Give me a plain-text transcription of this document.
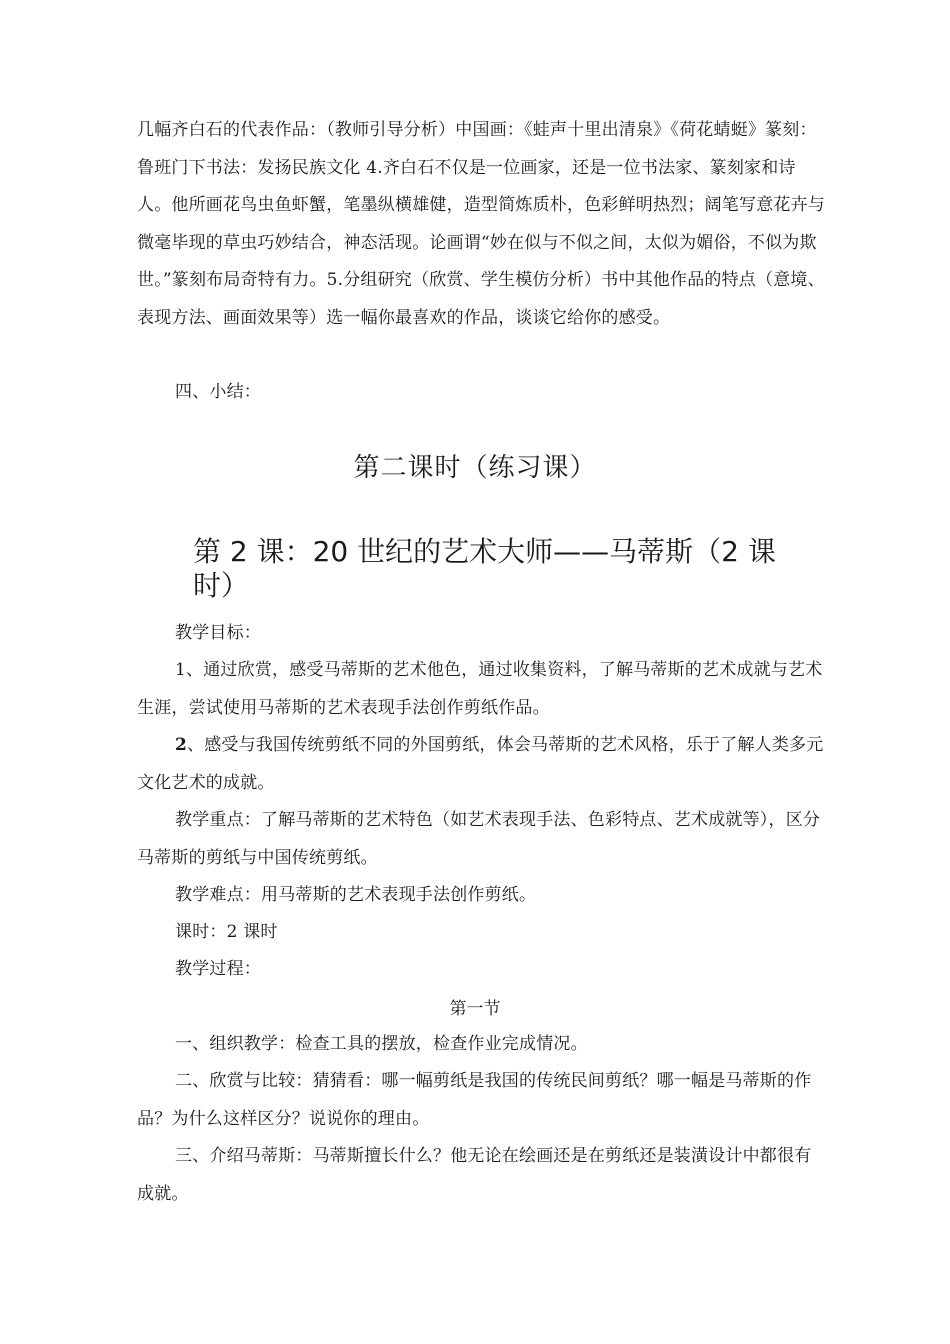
几幅齐白石的代表作品：（教师引导分析）中国画：《蛙声十里出清泉》《荷花蜻蜓》篆刻：鲁班门下书法：发扬民族文化 4.齐白石不仅是一位画家，还是一位书法家、篆刻家和诗人。他所画花鸟虫鱼虾蟹，笔墨纵横雄健，造型简炼质朴，色彩鲜明热烈；阔笔写意花卉与微毫毕现的草虫巧妙结合，神态活现。论画谓“妙在似与不似之间，太似为媚俗，不似为欺世。”篆刻布局奇特有力。5.分组研究（欣赏、学生模仿分析）书中其他作品的特点（意境、表现方法、画面效果等）选一幅你最喜欢的作品，谈谈它给你的感受。

四、小结：

第二课时（练习课）

第 2 课：20 世纪的艺术大师——马蒂斯（2 课时）

教学目标：

1、通过欣赏，感受马蒂斯的艺术他色，通过收集资料，了解马蒂斯的艺术成就与艺术生涯，尝试使用马蒂斯的艺术表现手法创作剪纸作品。

2、感受与我国传统剪纸不同的外国剪纸，体会马蒂斯的艺术风格，乐于了解人类多元文化艺术的成就。

教学重点：了解马蒂斯的艺术特色（如艺术表现手法、色彩特点、艺术成就等），区分马蒂斯的剪纸与中国传统剪纸。

教学难点：用马蒂斯的艺术表现手法创作剪纸。

课时：2 课时

教学过程：

第一节

一、组织教学：检查工具的摆放，检查作业完成情况。

二、欣赏与比较：猜猜看：哪一幅剪纸是我国的传统民间剪纸？哪一幅是马蒂斯的作品？为什么这样区分？说说你的理由。

三、介绍马蒂斯：马蒂斯擅长什么？他无论在绘画还是在剪纸还是装潢设计中都很有成就。
